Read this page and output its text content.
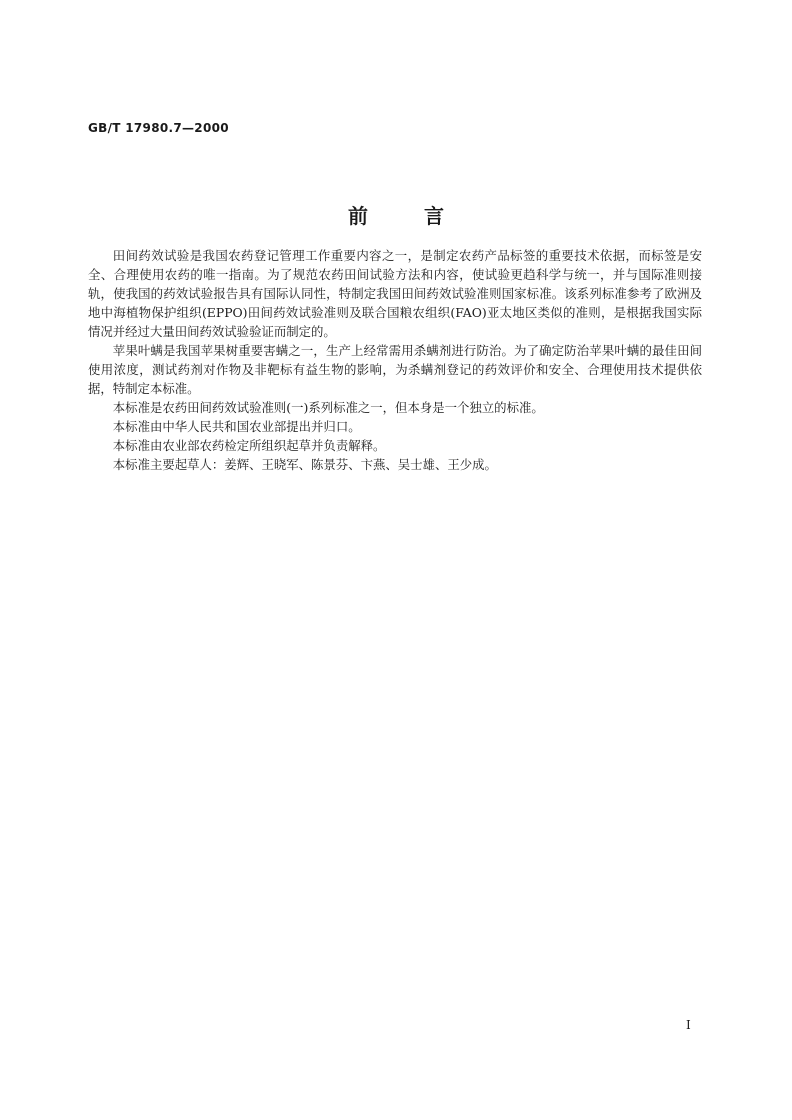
GB/T 17980.7—2000
前言

田间药效试验是我国农药登记管理工作重要内容之一，是制定农药产品标签的重要技术依据，而标签是安全、合理使用农药的唯一指南。为了规范农药田间试验方法和内容，使试验更趋科学与统一，并与国际准则接轨，使我国的药效试验报告具有国际认同性，特制定我国田间药效试验准则国家标准。该系列标准参考了欧洲及地中海植物保护组织(EPPO)田间药效试验准则及联合国粮农组织(FAO)亚太地区类似的准则，是根据我国实际情况并经过大量田间药效试验验证而制定的。

苹果叶螨是我国苹果树重要害螨之一，生产上经常需用杀螨剂进行防治。为了确定防治苹果叶螨的最佳田间使用浓度，测试药剂对作物及非靶标有益生物的影响，为杀螨剂登记的药效评价和安全、合理使用技术提供依据，特制定本标准。

本标准是农药田间药效试验准则(一)系列标准之一，但本身是一个独立的标准。

本标准由中华人民共和国农业部提出并归口。

本标准由农业部农药检定所组织起草并负责解释。

本标准主要起草人：姜辉、王晓军、陈景芬、卞燕、吴士雄、王少成。

I
